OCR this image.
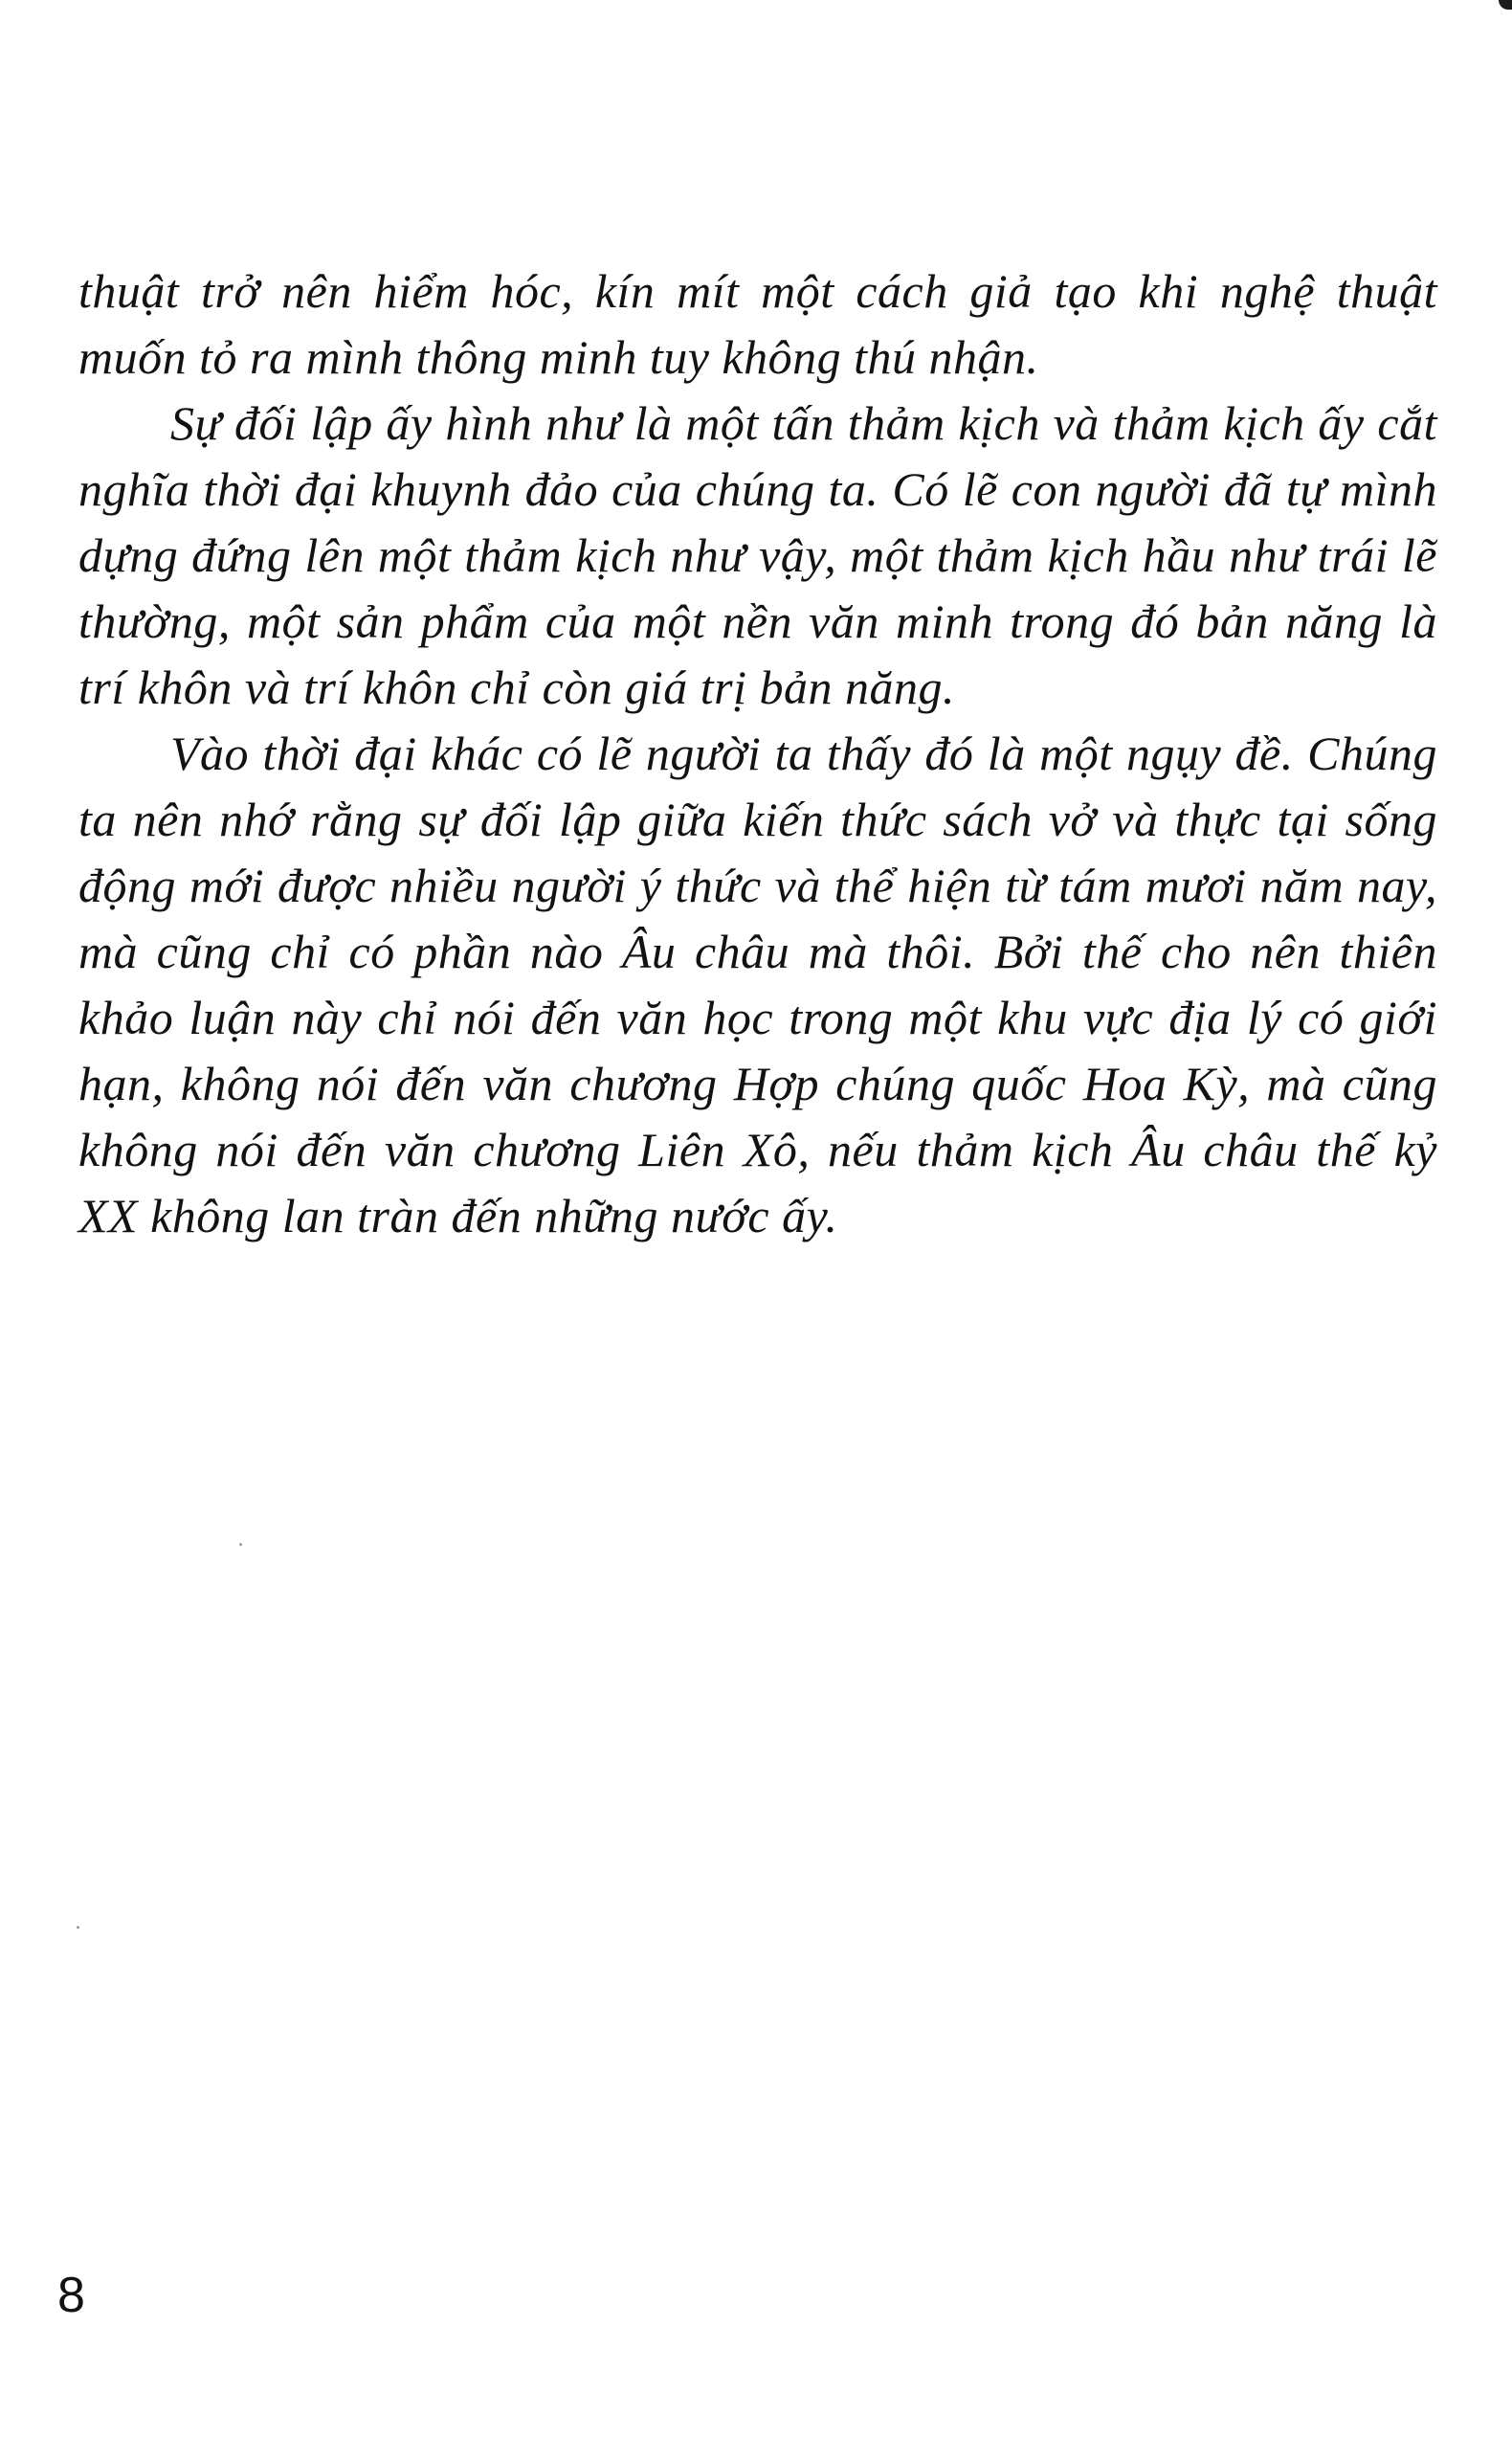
thuật trở nên hiểm hóc, kín mít một cách giả tạo khi nghệ thuật muốn tỏ ra mình thông minh tuy không thú nhận.

Sự đối lập ấy hình như là một tấn thảm kịch và thảm kịch ấy cắt nghĩa thời đại khuynh đảo của chúng ta. Có lẽ con người đã tự mình dựng đứng lên một thảm kịch như vậy, một thảm kịch hầu như trái lẽ thường, một sản phẩm của một nền văn minh trong đó bản năng là trí khôn và trí khôn chỉ còn giá trị bản năng.

Vào thời đại khác có lẽ người ta thấy đó là một ngụy đề. Chúng ta nên nhớ rằng sự đối lập giữa kiến thức sách vở và thực tại sống động mới được nhiều người ý thức và thể hiện từ tám mươi năm nay, mà cũng chỉ có phần nào Âu châu mà thôi. Bởi thế cho nên thiên khảo luận này chỉ nói đến văn học trong một khu vực địa lý có giới hạn, không nói đến văn chương Hợp chúng quốc Hoa Kỳ, mà cũng không nói đến văn chương Liên Xô, nếu thảm kịch Âu châu thế kỷ XX không lan tràn đến những nước ấy.

8
